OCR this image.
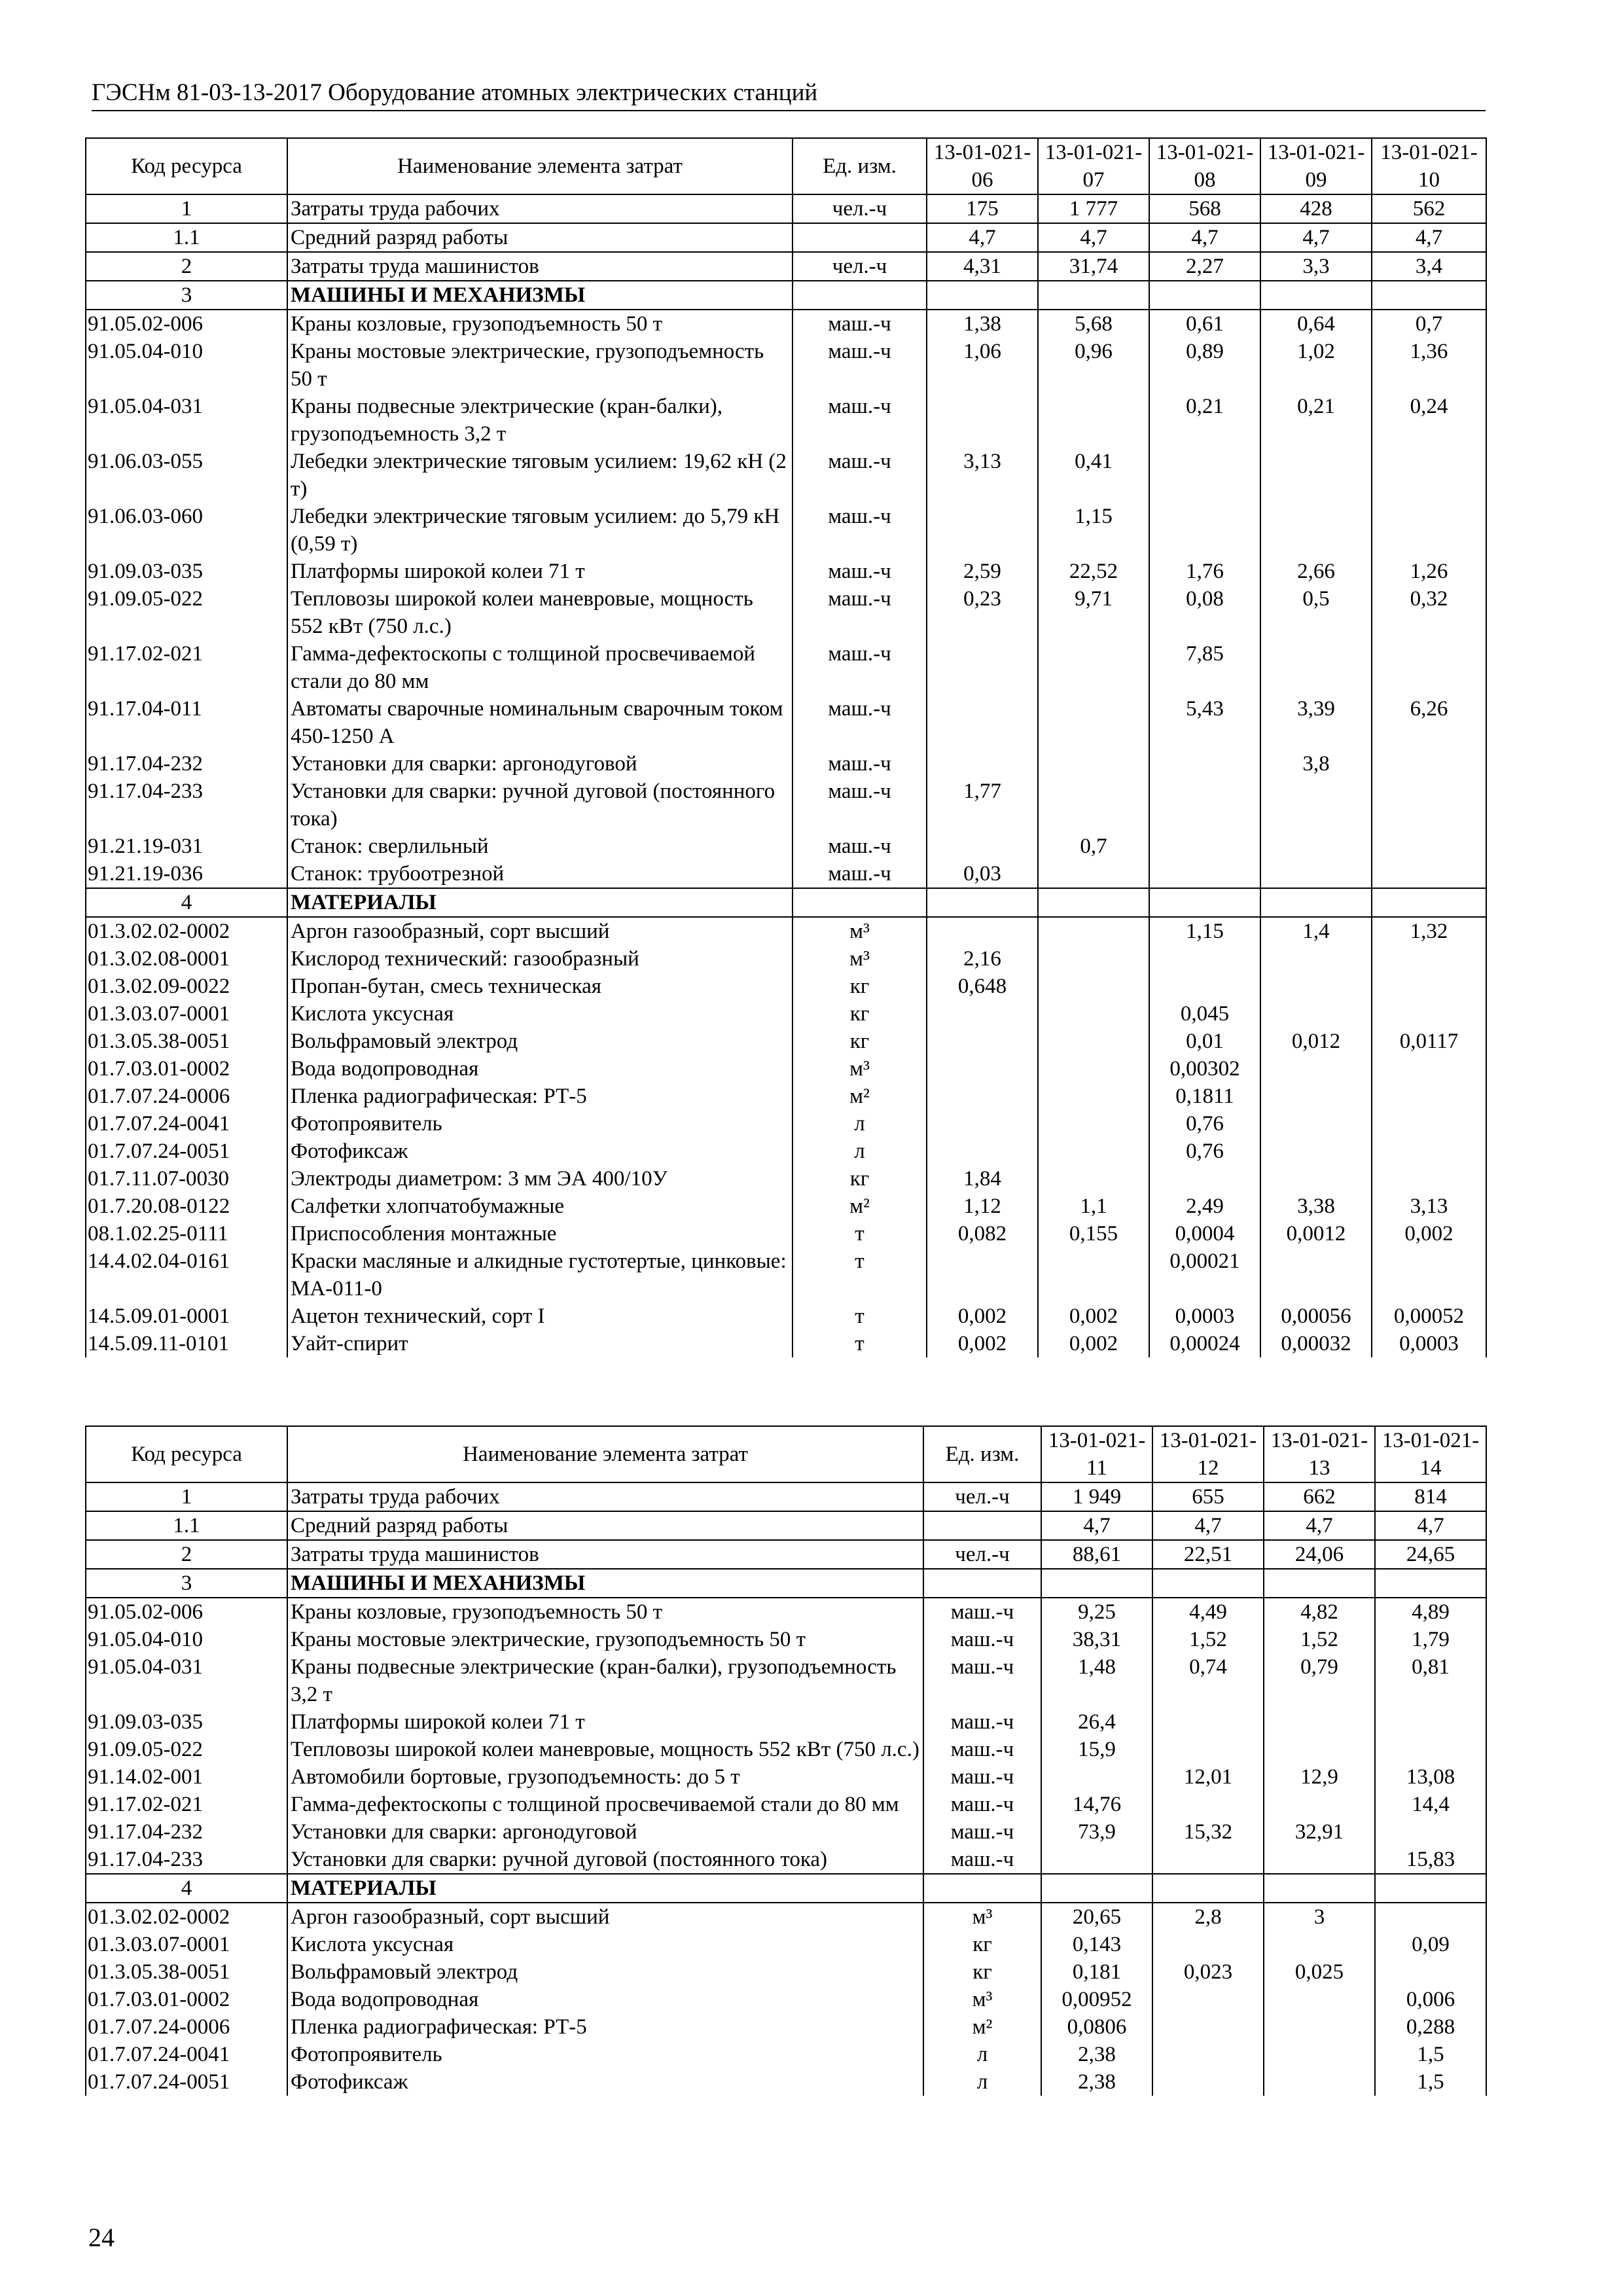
ГЭСНм 81-03-13-2017 Оборудование атомных электрических станций
Код ресурса	Наименование элемента затрат	Ед. изм.	13-01-021-06	13-01-021-07	13-01-021-08	13-01-021-09	13-01-021-10
1	Затраты труда рабочих	чел.-ч	175	1 777	568	428	562
1.1	Средний разряд работы		4,7	4,7	4,7	4,7	4,7
2	Затраты труда машинистов	чел.-ч	4,31	31,74	2,27	3,3	3,4
3	МАШИНЫ И МЕХАНИЗМЫ						
91.05.02-006	Краны козловые, грузоподъемность 50 т	маш.-ч	1,38	5,68	0,61	0,64	0,7
91.05.04-010	Краны мостовые электрические, грузоподъемность 50 т	маш.-ч	1,06	0,96	0,89	1,02	1,36
91.05.04-031	Краны подвесные электрические (кран-балки), грузоподъемность 3,2 т	маш.-ч			0,21	0,21	0,24
91.06.03-055	Лебедки электрические тяговым усилием: 19,62 кН (2 т)	маш.-ч	3,13	0,41			
91.06.03-060	Лебедки электрические тяговым усилием: до 5,79 кН (0,59 т)	маш.-ч		1,15			
91.09.03-035	Платформы широкой колеи 71 т	маш.-ч	2,59	22,52	1,76	2,66	1,26
91.09.05-022	Тепловозы широкой колеи маневровые, мощность 552 кВт (750 л.с.)	маш.-ч	0,23	9,71	0,08	0,5	0,32
91.17.02-021	Гамма-дефектоскопы с толщиной просвечиваемой стали до 80 мм	маш.-ч			7,85		
91.17.04-011	Автоматы сварочные номинальным сварочным током 450-1250 А	маш.-ч			5,43	3,39	6,26
91.17.04-232	Установки для сварки: аргонодуговой	маш.-ч				3,8	
91.17.04-233	Установки для сварки: ручной дуговой (постоянного тока)	маш.-ч	1,77				
91.21.19-031	Станок: сверлильный	маш.-ч		0,7			
91.21.19-036	Станок: трубоотрезной	маш.-ч	0,03				
4	МАТЕРИАЛЫ						
01.3.02.02-0002	Аргон газообразный, сорт высший	м³			1,15	1,4	1,32
01.3.02.08-0001	Кислород технический: газообразный	м³	2,16				
01.3.02.09-0022	Пропан-бутан, смесь техническая	кг	0,648				
01.3.03.07-0001	Кислота уксусная	кг			0,045		
01.3.05.38-0051	Вольфрамовый электрод	кг			0,01	0,012	0,0117
01.7.03.01-0002	Вода водопроводная	м³			0,00302		
01.7.07.24-0006	Пленка радиографическая: РТ-5	м²			0,1811		
01.7.07.24-0041	Фотопроявитель	л			0,76		
01.7.07.24-0051	Фотофиксаж	л			0,76		
01.7.11.07-0030	Электроды диаметром: 3 мм ЭА 400/10У	кг	1,84				
01.7.20.08-0122	Салфетки хлопчатобумажные	м²	1,12	1,1	2,49	3,38	3,13
08.1.02.25-0111	Приспособления монтажные	т	0,082	0,155	0,0004	0,0012	0,002
14.4.02.04-0161	Краски масляные и алкидные густотертые, цинковые: МА-011-0	т			0,00021		
14.5.09.01-0001	Ацетон технический, сорт I	т	0,002	0,002	0,0003	0,00056	0,00052
14.5.09.11-0101	Уайт-спирит	т	0,002	0,002	0,00024	0,00032	0,0003
Код ресурса	Наименование элемента затрат	Ед. изм.	13-01-021-11	13-01-021-12	13-01-021-13	13-01-021-14
1	Затраты труда рабочих	чел.-ч	1 949	655	662	814
1.1	Средний разряд работы		4,7	4,7	4,7	4,7
2	Затраты труда машинистов	чел.-ч	88,61	22,51	24,06	24,65
3	МАШИНЫ И МЕХАНИЗМЫ					
91.05.02-006	Краны козловые, грузоподъемность 50 т	маш.-ч	9,25	4,49	4,82	4,89
91.05.04-010	Краны мостовые электрические, грузоподъемность 50 т	маш.-ч	38,31	1,52	1,52	1,79
91.05.04-031	Краны подвесные электрические (кран-балки), грузоподъемность 3,2 т	маш.-ч	1,48	0,74	0,79	0,81
91.09.03-035	Платформы широкой колеи 71 т	маш.-ч	26,4			
91.09.05-022	Тепловозы широкой колеи маневровые, мощность 552 кВт (750 л.с.)	маш.-ч	15,9			
91.14.02-001	Автомобили бортовые, грузоподъемность: до 5 т	маш.-ч		12,01	12,9	13,08
91.17.02-021	Гамма-дефектоскопы с толщиной просвечиваемой стали до 80 мм	маш.-ч	14,76			14,4
91.17.04-232	Установки для сварки: аргонодуговой	маш.-ч	73,9	15,32	32,91	
91.17.04-233	Установки для сварки: ручной дуговой (постоянного тока)	маш.-ч				15,83
4	МАТЕРИАЛЫ					
01.3.02.02-0002	Аргон газообразный, сорт высший	м³	20,65	2,8	3	
01.3.03.07-0001	Кислота уксусная	кг	0,143			0,09
01.3.05.38-0051	Вольфрамовый электрод	кг	0,181	0,023	0,025	
01.7.03.01-0002	Вода водопроводная	м³	0,00952			0,006
01.7.07.24-0006	Пленка радиографическая: РТ-5	м²	0,0806			0,288
01.7.07.24-0041	Фотопроявитель	л	2,38			1,5
01.7.07.24-0051	Фотофиксаж	л	2,38			1,5
24
